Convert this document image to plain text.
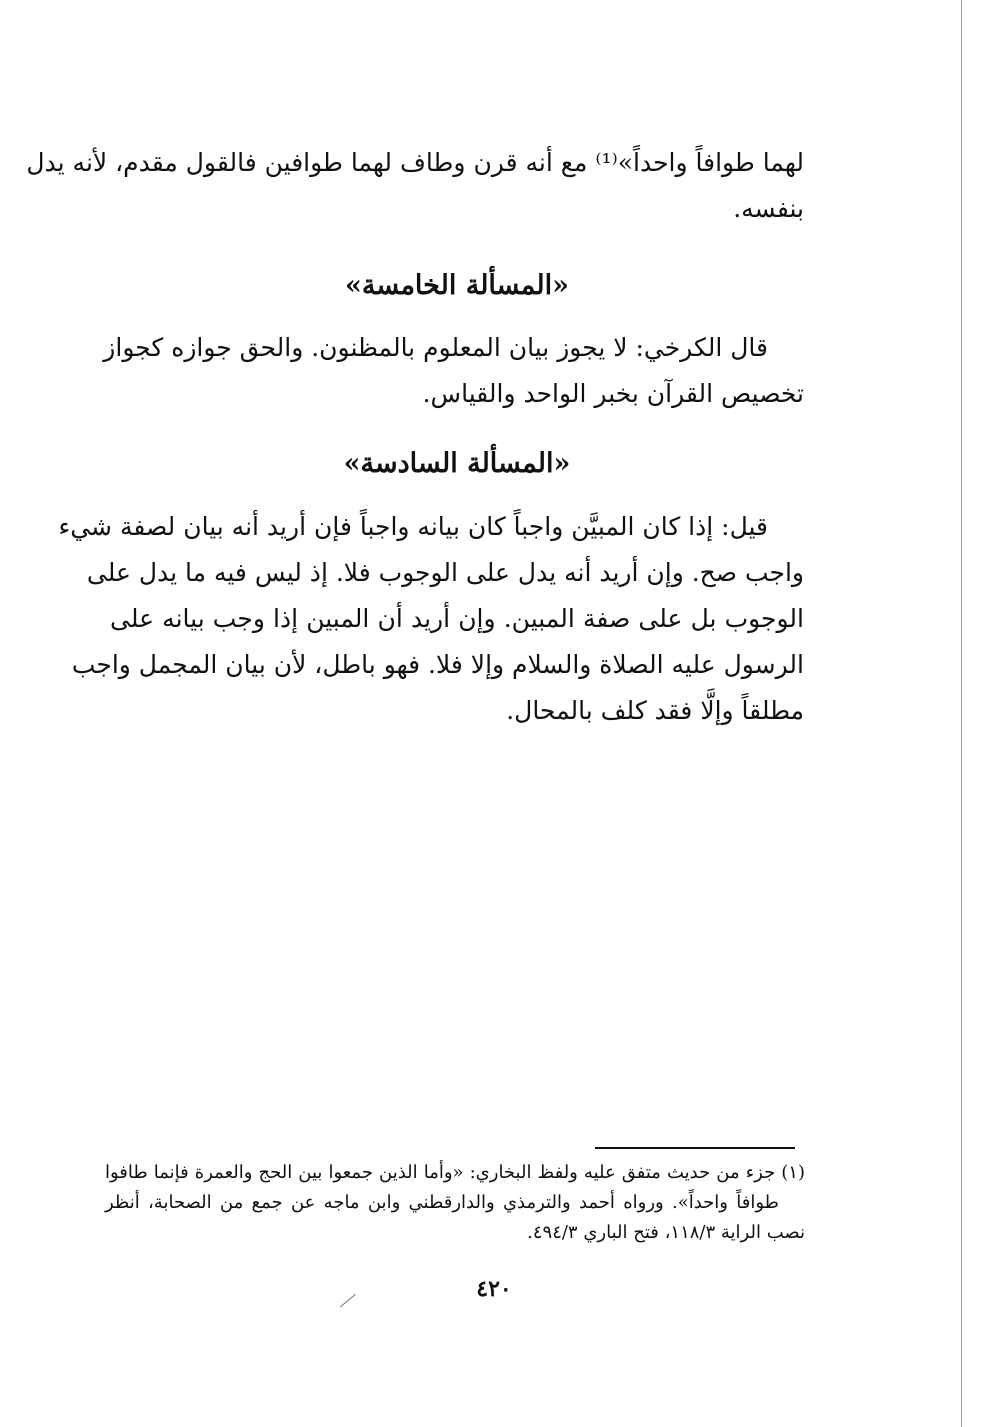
لهما طوافاً واحداً»⁽¹⁾ مع أنه قرن وطاف لهما طوافين فالقول مقدم، لأنه يدل
بنفسه.

«المسألة الخامسة»

قال الكرخي: لا يجوز بيان المعلوم بالمظنون. والحق جوازه كجواز
تخصيص القرآن بخبر الواحد والقياس.

«المسألة السادسة»

قيل: إذا كان المبيَّن واجباً كان بيانه واجباً فإن أريد أنه بيان لصفة شيء
واجب صح. وإن أريد أنه يدل على الوجوب فلا. إذ ليس فيه ما يدل على
الوجوب بل على صفة المبين. وإن أريد أن المبين إذا وجب بيانه على
الرسول عليه الصلاة والسلام وإلا فلا. فهو باطل، لأن بيان المجمل واجب
مطلقاً وإلَّا فقد كلف بالمحال.

(١) جزء من حديث متفق عليه ولفظ البخاري: «وأما الذين جمعوا بين الحج والعمرة فإنما طافوا
طوافاً واحداً». ورواه أحمد والترمذي والدارقطني وابن ماجه عن جمع من الصحابة، أنظر
نصب الراية ١١٨/٣، فتح الباري ٤٩٤/٣.

٤٢٠
